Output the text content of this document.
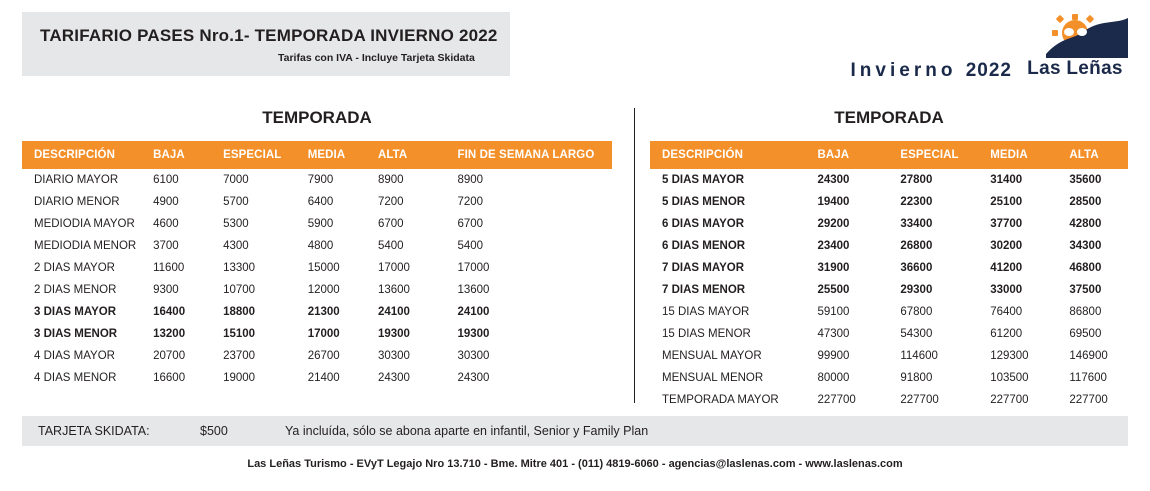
TARIFARIO PASES Nro.1- TEMPORADA INVIERNO 2022
Tarifas con IVA - Incluye Tarjeta Skidata
Invierno 2022 Las Leñas
TEMPORADA
DESCRIPCIÓN	BAJA	ESPECIAL	MEDIA	ALTA	FIN DE SEMANA LARGO
DIARIO MAYOR	6100	7000	7900	8900	8900
DIARIO MENOR	4900	5700	6400	7200	7200
MEDIODIA MAYOR	4600	5300	5900	6700	6700
MEDIODIA MENOR	3700	4300	4800	5400	5400
2 DIAS MAYOR	11600	13300	15000	17000	17000
2 DIAS MENOR	9300	10700	12000	13600	13600
3 DIAS MAYOR	16400	18800	21300	24100	24100
3 DIAS MENOR	13200	15100	17000	19300	19300
4 DIAS MAYOR	20700	23700	26700	30300	30300
4 DIAS MENOR	16600	19000	21400	24300	24300
TEMPORADA
DESCRIPCIÓN	BAJA	ESPECIAL	MEDIA	ALTA
5 DIAS MAYOR	24300	27800	31400	35600
5 DIAS MENOR	19400	22300	25100	28500
6 DIAS MAYOR	29200	33400	37700	42800
6 DIAS MENOR	23400	26800	30200	34300
7 DIAS MAYOR	31900	36600	41200	46800
7 DIAS MENOR	25500	29300	33000	37500
15 DIAS MAYOR	59100	67800	76400	86800
15 DIAS MENOR	47300	54300	61200	69500
MENSUAL MAYOR	99900	114600	129300	146900
MENSUAL MENOR	80000	91800	103500	117600
TEMPORADA MAYOR	227700	227700	227700	227700

TARJETA SKIDATA:	$500	Ya incluída, sólo se abona aparte en infantil, Senior y Family Plan
Las Leñas Turismo - EVyT Legajo Nro 13.710 - Bme. Mitre 401 - (011) 4819-6060 - agencias@laslenas.com - www.laslenas.com
